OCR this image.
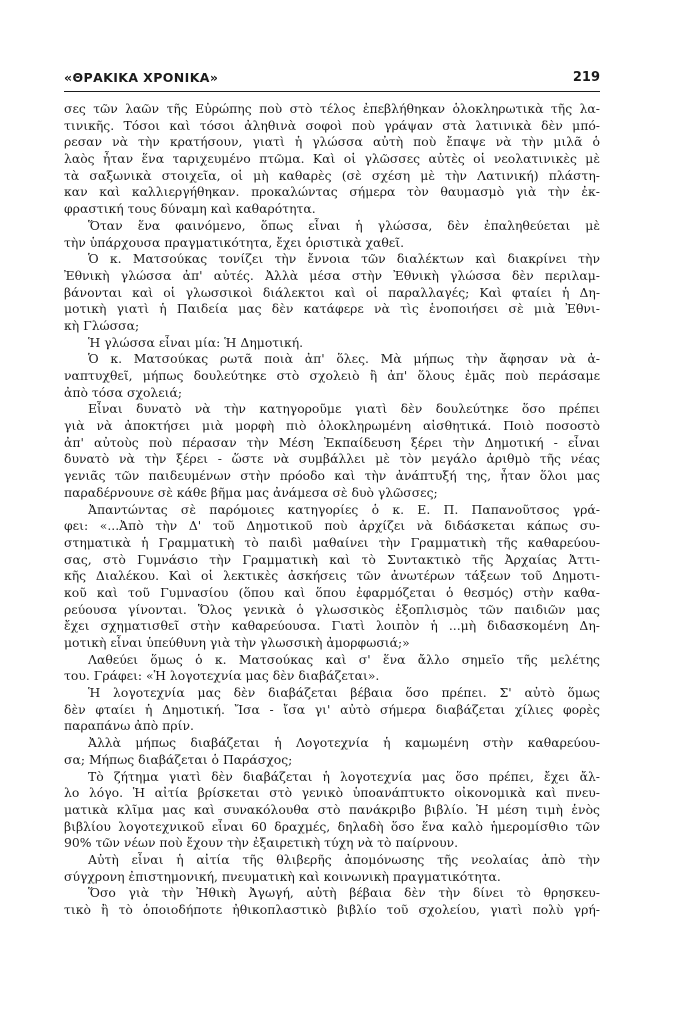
«ΘΡΑΚΙΚΑ ΧΡΟΝΙΚΑ»	219
σες τῶν λαῶν τῆς Εὐρώπης ποὺ στὸ τέλος ἐπεβλήθηκαν ὁλοκληρωτικὰ τῆς λα-
τινικῆς. Τόσοι καὶ τόσοι ἀληθινὰ σοφοὶ ποὺ γράψαν στὰ λατινικὰ δὲν μπό-
ρεσαν νὰ τὴν κρατήσουν, γιατὶ ἡ γλώσσα αὐτὴ ποὺ ἔπαψε νὰ τὴν μιλᾶ ὁ
λαὸς ἦταν ἕνα ταριχευμένο πτῶμα. Καὶ οἱ γλῶσσες αὐτὲς οἱ νεολατινικὲς μὲ
τὰ σαξωνικὰ στοιχεῖα, οἱ μὴ καθαρὲς (σὲ σχέση μὲ τὴν Λατινική) πλάστη-
καν καὶ καλλιεργήθηκαν. προκαλώντας σήμερα τὸν θαυμασμὸ γιὰ τὴν ἐκ-
φραστική τους δύναμη καὶ καθαρότητα.
Ὅταν ἕνα φαινόμενο, ὅπως εἶναι ἡ γλώσσα, δὲν ἐπαληθεύεται μὲ
τὴν ὑπάρχουσα πραγματικότητα, ἔχει ὁριστικὰ χαθεῖ.
Ὁ κ. Ματσούκας τονίζει τὴν ἔννοια τῶν διαλέκτων καὶ διακρίνει τὴν
Ἐθνικὴ γλώσσα ἀπ' αὐτές. Ἀλλὰ μέσα στὴν Ἐθνικὴ γλώσσα δὲν περιλαμ-
βάνονται καὶ οἱ γλωσσικοὶ διάλεκτοι καὶ οἱ παραλλαγές; Καὶ φταίει ἡ Δη-
μοτικὴ γιατὶ ἡ Παιδεία μας δὲν κατάφερε νὰ τὶς ἑνοποιήσει σὲ μιὰ Ἐθνι-
κὴ Γλώσσα;
Ἡ γλώσσα εἶναι μία: Ἡ Δημοτική.
Ὁ κ. Ματσούκας ρωτᾶ ποιὰ ἀπ' ὅλες. Μὰ μήπως τὴν ἄφησαν νὰ ἀ-
ναπτυχθεῖ, μήπως δουλεύτηκε στὸ σχολειὸ ἢ ἀπ' ὅλους ἐμᾶς ποὺ περάσαμε
ἀπὸ τόσα σχολειά;
Εἶναι δυνατὸ νὰ τὴν κατηγοροῦμε γιατὶ δὲν δουλεύτηκε ὅσο πρέπει
γιὰ νὰ ἀποκτήσει μιὰ μορφὴ πιὸ ὁλοκληρωμένη αἰσθητικά. Ποιὸ ποσοστὸ
ἀπ' αὐτοὺς ποὺ πέρασαν τὴν Μέση Ἐκπαίδευση ξέρει τὴν Δημοτική - εἶναι
δυνατὸ νὰ τὴν ξέρει - ὥστε νὰ συμβάλλει μὲ τὸν μεγάλο ἀριθμὸ τῆς νέας
γενιᾶς τῶν παιδευμένων στὴν πρόοδο καὶ τὴν ἀνάπτυξή της, ἦταν ὅλοι μας
παραδέρνουνε σὲ κάθε βῆμα μας ἀνάμεσα σὲ δυὸ γλῶσσες;
Ἀπαντώντας σὲ παρόμοιες κατηγορίες ὁ κ. Ε. Π. Παπανοῦτσος γρά-
φει: «...Ἀπὸ τὴν Δ' τοῦ Δημοτικοῦ ποὺ ἀρχίζει νὰ διδάσκεται κάπως συ-
στηματικὰ ἡ Γραμματικὴ τὸ παιδὶ μαθαίνει τὴν Γραμματικὴ τῆς καθαρεύου-
σας, στὸ Γυμνάσιο τὴν Γραμματικὴ καὶ τὸ Συντακτικὸ τῆς Ἀρχαίας Ἀττι-
κῆς Διαλέκου. Καὶ οἱ λεκτικὲς ἀσκήσεις τῶν ἀνωτέρων τάξεων τοῦ Δημοτι-
κοῦ καὶ τοῦ Γυμνασίου (ὅπου καὶ ὅπου ἐφαρμόζεται ὁ θεσμός) στὴν καθα-
ρεύουσα γίνονται. Ὅλος γενικὰ ὁ γλωσσικὸς ἐξοπλισμὸς τῶν παιδιῶν μας
ἔχει σχηματισθεῖ στὴν καθαρεύουσα. Γιατὶ λοιπὸν ἡ ...μὴ διδασκομένη Δη-
μοτικὴ εἶναι ὑπεύθυνη γιὰ τὴν γλωσσικὴ ἀμορφωσιά;»
Λαθεύει ὅμως ὁ κ. Ματσούκας καὶ σ' ἕνα ἄλλο σημεῖο τῆς μελέτης
του. Γράφει: «Ἡ λογοτεχνία μας δὲν διαβάζεται».
Ἡ λογοτεχνία μας δὲν διαβάζεται βέβαια ὅσο πρέπει. Σ' αὐτὸ ὅμως
δὲν φταίει ἡ Δημοτική. Ἴσα - ἴσα γι' αὐτὸ σήμερα διαβάζεται χίλιες φορὲς
παραπάνω ἀπὸ πρίν.
Ἀλλὰ μήπως διαβάζεται ἡ Λογοτεχνία ἡ καμωμένη στὴν καθαρεύου-
σα; Μήπως διαβάζεται ὁ Παράσχος;
Τὸ ζήτημα γιατὶ δὲν διαβάζεται ἡ λογοτεχνία μας ὅσο πρέπει, ἔχει ἄλ-
λο λόγο. Ἡ αἰτία βρίσκεται στὸ γενικὸ ὑποανάπτυκτο οἰκονομικὰ καὶ πνευ-
ματικὰ κλῖμα μας καὶ συνακόλουθα στὸ πανάκριβο βιβλίο. Ἡ μέση τιμὴ ἑνὸς
βιβλίου λογοτεχνικοῦ εἶναι 60 δραχμές, δηλαδὴ ὅσο ἕνα καλὸ ἡμερομίσθιο τῶν
90% τῶν νέων ποὺ ἔχουν τὴν ἐξαιρετικὴ τύχη νὰ τὸ παίρνουν.
Αὐτὴ εἶναι ἡ αἰτία τῆς θλιβερῆς ἀπομόνωσης τῆς νεολαίας ἀπὸ τὴν
σύγχρονη ἐπιστημονική, πνευματικὴ καὶ κοινωνικὴ πραγματικότητα.
Ὅσο γιὰ τὴν Ἠθικὴ Ἀγωγή, αὐτὴ βέβαια δὲν τὴν δίνει τὸ θρησκευ-
τικὸ ἢ τὸ ὁποιοδήποτε ἠθικοπλαστικὸ βιβλίο τοῦ σχολείου, γιατὶ πολὺ γρή-
